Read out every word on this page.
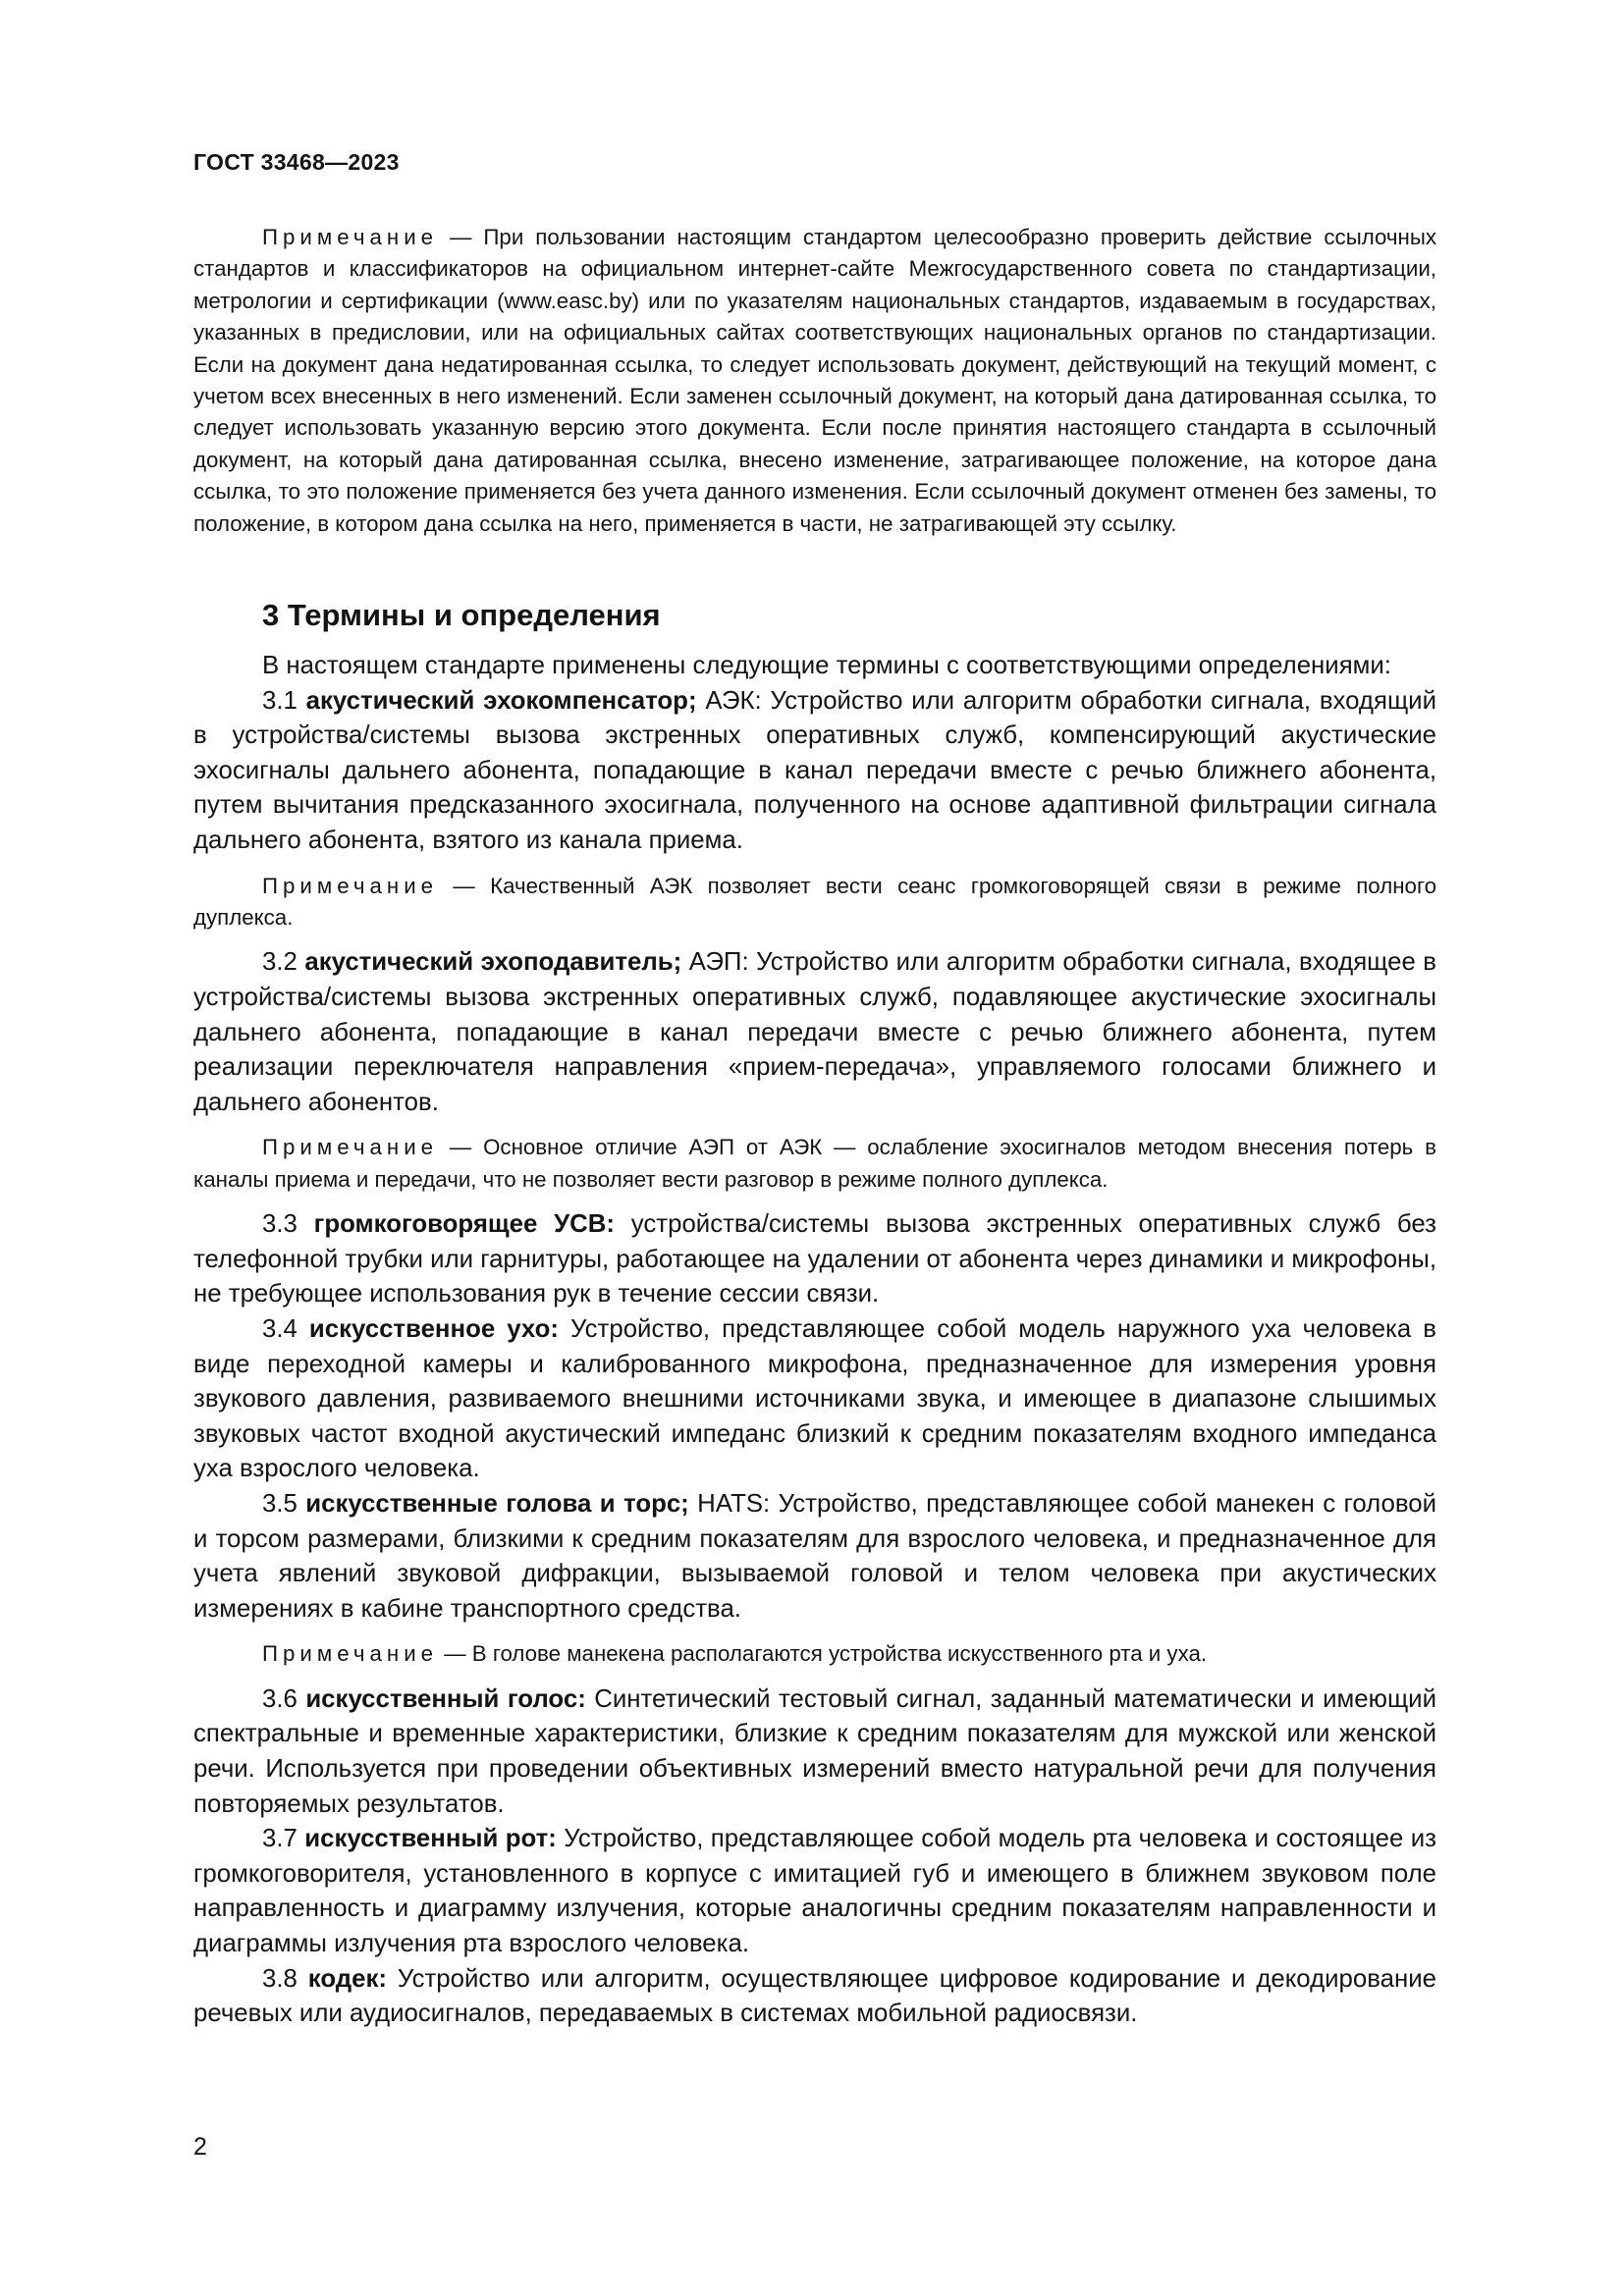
ГОСТ 33468—2023

Примечание — При пользовании настоящим стандартом целесообразно проверить действие ссылочных стандартов и классификаторов на официальном интернет-сайте Межгосударственного совета по стандартизации, метрологии и сертификации (www.easc.by) или по указателям национальных стандартов, издаваемым в государствах, указанных в предисловии, или на официальных сайтах соответствующих национальных органов по стандартизации. Если на документ дана недатированная ссылка, то следует использовать документ, действующий на текущий момент, с учетом всех внесенных в него изменений. Если заменен ссылочный документ, на который дана датированная ссылка, то следует использовать указанную версию этого документа. Если после принятия настоящего стандарта в ссылочный документ, на который дана датированная ссылка, внесено изменение, затрагивающее положение, на которое дана ссылка, то это положение применяется без учета данного изменения. Если ссылочный документ отменен без замены, то положение, в котором дана ссылка на него, применяется в части, не затрагивающей эту ссылку.

3 Термины и определения

В настоящем стандарте применены следующие термины с соответствующими определениями:

3.1 акустический эхокомпенсатор; АЭК: Устройство или алгоритм обработки сигнала, входящий в устройства/системы вызова экстренных оперативных служб, компенсирующий акустические эхосигналы дальнего абонента, попадающие в канал передачи вместе с речью ближнего абонента, путем вычитания предсказанного эхосигнала, полученного на основе адаптивной фильтрации сигнала дальнего абонента, взятого из канала приема.

Примечание — Качественный АЭК позволяет вести сеанс громкоговорящей связи в режиме полного дуплекса.

3.2 акустический эхоподавитель; АЭП: Устройство или алгоритм обработки сигнала, входящее в устройства/системы вызова экстренных оперативных служб, подавляющее акустические эхосигналы дальнего абонента, попадающие в канал передачи вместе с речью ближнего абонента, путем реализации переключателя направления «прием-передача», управляемого голосами ближнего и дальнего абонентов.

Примечание — Основное отличие АЭП от АЭК — ослабление эхосигналов методом внесения потерь в каналы приема и передачи, что не позволяет вести разговор в режиме полного дуплекса.

3.3 громкоговорящее УСВ: устройства/системы вызова экстренных оперативных служб без телефонной трубки или гарнитуры, работающее на удалении от абонента через динамики и микрофоны, не требующее использования рук в течение сессии связи.

3.4 искусственное ухо: Устройство, представляющее собой модель наружного уха человека в виде переходной камеры и калиброванного микрофона, предназначенное для измерения уровня звукового давления, развиваемого внешними источниками звука, и имеющее в диапазоне слышимых звуковых частот входной акустический импеданс близкий к средним показателям входного импеданса уха взрослого человека.

3.5 искусственные голова и торс; HATS: Устройство, представляющее собой манекен с головой и торсом размерами, близкими к средним показателям для взрослого человека, и предназначенное для учета явлений звуковой дифракции, вызываемой головой и телом человека при акустических измерениях в кабине транспортного средства.

Примечание — В голове манекена располагаются устройства искусственного рта и уха.

3.6 искусственный голос: Синтетический тестовый сигнал, заданный математически и имеющий спектральные и временные характеристики, близкие к средним показателям для мужской или женской речи. Используется при проведении объективных измерений вместо натуральной речи для получения повторяемых результатов.

3.7 искусственный рот: Устройство, представляющее собой модель рта человека и состоящее из громкоговорителя, установленного в корпусе с имитацией губ и имеющего в ближнем звуковом поле направленность и диаграмму излучения, которые аналогичны средним показателям направленности и диаграммы излучения рта взрослого человека.

3.8 кодек: Устройство или алгоритм, осуществляющее цифровое кодирование и декодирование речевых или аудиосигналов, передаваемых в системах мобильной радиосвязи.

2
